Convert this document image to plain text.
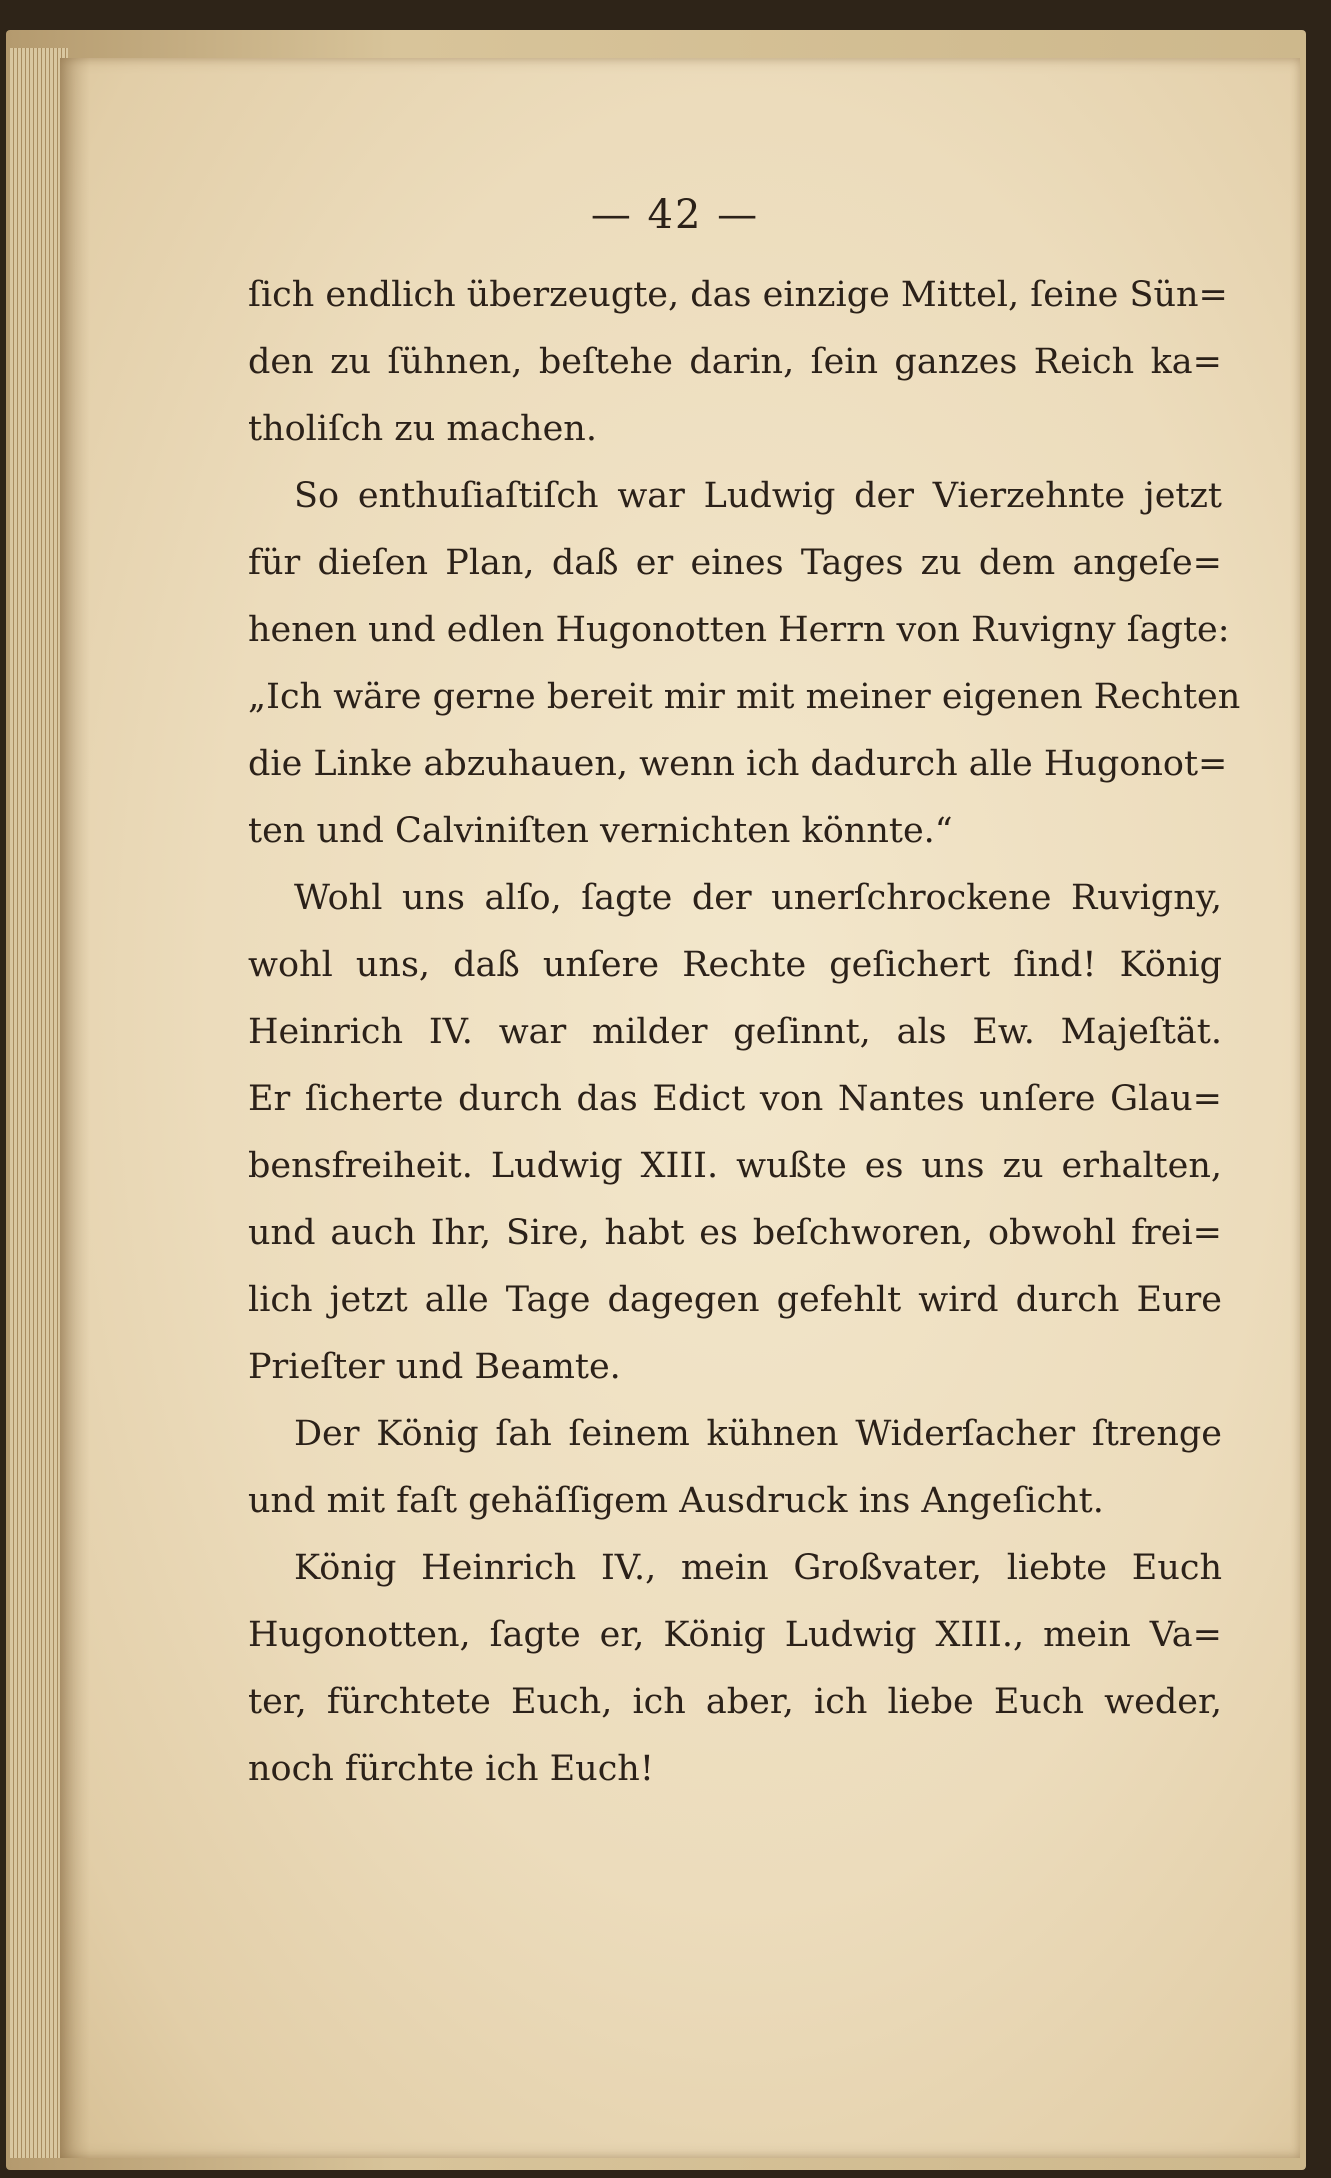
— 42 —
ſich endlich überzeugte, das einzige Mittel, ſeine Sün=
den zu ſühnen, beſtehe darin, ſein ganzes Reich ka=
tholiſch zu machen.
So enthuſiaſtiſch war Ludwig der Vierzehnte jetzt
für dieſen Plan, daß er eines Tages zu dem angeſe=
henen und edlen Hugonotten Herrn von Ruvigny ſagte:
„Ich wäre gerne bereit mir mit meiner eigenen Rechten
die Linke abzuhauen, wenn ich dadurch alle Hugonot=
ten und Calviniſten vernichten könnte.“
Wohl uns alſo, ſagte der unerſchrockene Ruvigny,
wohl uns, daß unſere Rechte geſichert ſind! König
Heinrich IV. war milder geſinnt, als Ew. Majeſtät.
Er ſicherte durch das Edict von Nantes unſere Glau=
bensfreiheit. Ludwig XIII. wußte es uns zu erhalten,
und auch Ihr, Sire, habt es beſchworen, obwohl frei=
lich jetzt alle Tage dagegen gefehlt wird durch Eure
Prieſter und Beamte.
Der König ſah ſeinem kühnen Widerſacher ſtrenge
und mit faſt gehäſſigem Ausdruck ins Angeſicht.
König Heinrich IV., mein Großvater, liebte Euch
Hugonotten, ſagte er, König Ludwig XIII., mein Va=
ter, fürchtete Euch, ich aber, ich liebe Euch weder,
noch fürchte ich Euch!
